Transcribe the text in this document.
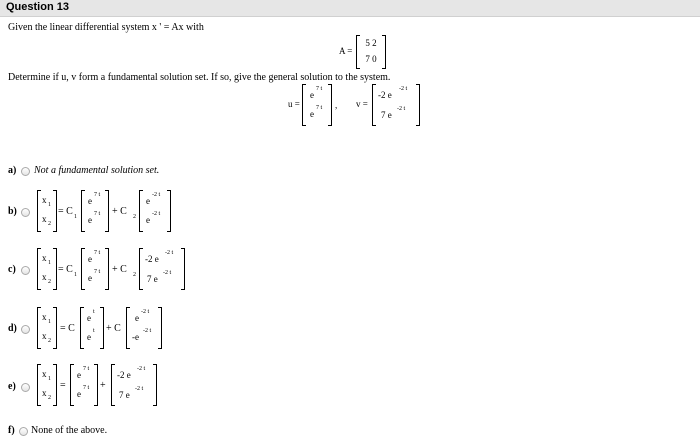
Question 13
Given the linear differential system x ' = Ax with
A =
5 2
7 0
Determine if u, v form a fundamental solution set. If so, give the general solution to the system.
u =
e
7 t
e
7 t , v =
-2 e
-2 t
7 e
-2 t
a) Not a fundamental solution set.
b)
x 1
x 2
= C 1
e
7 t
e
7 t + C 2
e
-2 t
e
-2 t
c)
x 1
x 2
= C 1
e
7 t
e
7 t + C 2
-2 e
-2 t
7 e
-2 t
d)
x 1
x 2
= C
e
t
e
t + C
e
-2 t
-e
-2 t
e)
x 1
x 2
=
e
7 t
e
7 t +
-2 e
-2 t
7 e
-2 t
f) None of the above.
